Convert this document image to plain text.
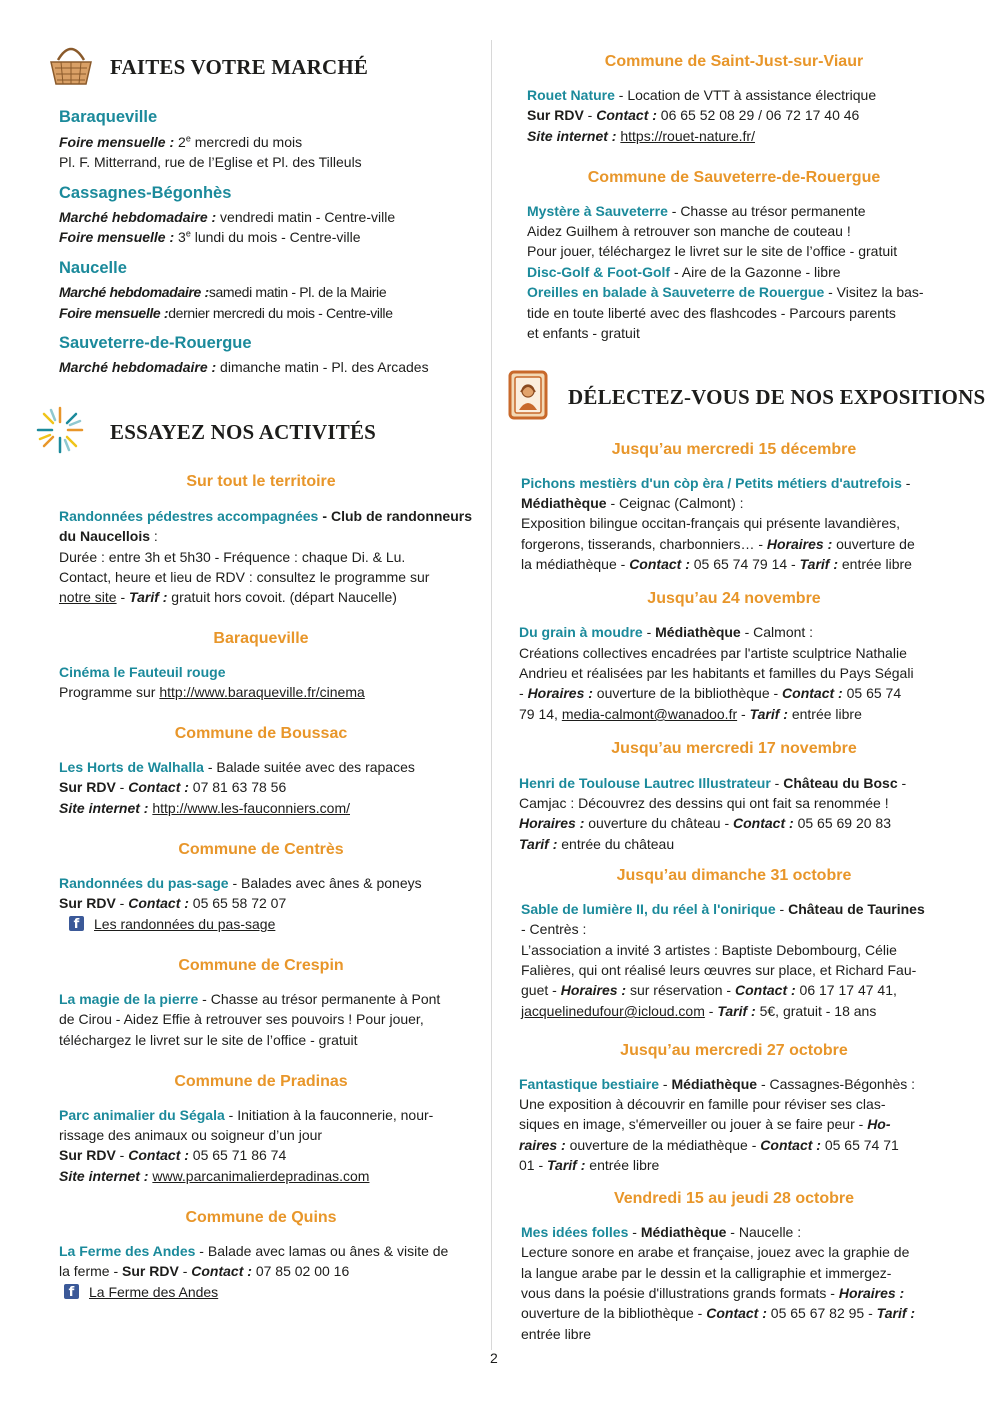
FAITES VOTRE MARCHÉ
Baraqueville
Foire mensuelle : 2e mercredi du mois
Pl. F. Mitterrand, rue de l’Eglise et Pl. des Tilleuls
Cassagnes-Bégonhès
Marché hebdomadaire : vendredi matin - Centre-ville
Foire mensuelle : 3e lundi du mois - Centre-ville
Naucelle
Marché hebdomadaire :samedi matin - Pl. de la Mairie
Foire mensuelle :dernier mercredi du mois - Centre-ville
Sauveterre-de-Rouergue
Marché hebdomadaire : dimanche matin - Pl. des Arcades
ESSAYEZ NOS ACTIVITÉS
Sur tout le territoire
Randonnées pédestres accompagnées - Club de randonneurs du Naucellois :
Durée : entre 3h et 5h30 - Fréquence : chaque Di. & Lu.
Contact, heure et lieu de RDV : consultez le programme sur
notre site - Tarif : gratuit hors covoit. (départ Naucelle)
Baraqueville
Cinéma le Fauteuil rouge
Programme sur http://www.baraqueville.fr/cinema
Commune de Boussac
Les Horts de Walhalla - Balade suitée avec des rapaces
Sur RDV - Contact : 07 81 63 78 56
Site internet : http://www.les-fauconniers.com/
Commune de Centrès
Randonnées du pas-sage - Balades avec ânes & poneys
Sur RDV - Contact : 05 65 58 72 07
f Les randonnées du pas-sage
Commune de Crespin
La magie de la pierre - Chasse au trésor permanente à Pont
de Cirou - Aidez Effie à retrouver ses pouvoirs ! Pour jouer,
téléchargez le livret sur le site de l’office - gratuit
Commune de Pradinas
Parc animalier du Ségala - Initiation à la fauconnerie, nour-
rissage des animaux ou soigneur d’un jour
Sur RDV - Contact : 05 65 71 86 74
Site internet : www.parcanimalierdepradinas.com
Commune de Quins
La Ferme des Andes - Balade avec lamas ou ânes & visite de
la ferme - Sur RDV - Contact : 07 85 02 00 16
f La Ferme des Andes
Commune de Saint-Just-sur-Viaur
Rouet Nature - Location de VTT à assistance électrique
Sur RDV - Contact : 06 65 52 08 29 / 06 72 17 40 46
Site internet : https://rouet-nature.fr/
Commune de Sauveterre-de-Rouergue
Mystère à Sauveterre - Chasse au trésor permanente
Aidez Guilhem à retrouver son manche de couteau !
Pour jouer, téléchargez le livret sur le site de l’office - gratuit
Disc-Golf & Foot-Golf - Aire de la Gazonne - libre
Oreilles en balade à Sauveterre de Rouergue - Visitez la bas-
tide en toute liberté avec des flashcodes - Parcours parents
et enfants - gratuit
DÉLECTEZ-VOUS DE NOS EXPOSITIONS
Jusqu’au mercredi 15 décembre
Pichons mestièrs d'un còp èra / Petits métiers d'autrefois -
Médiathèque - Ceignac (Calmont) :
Exposition bilingue occitan-français qui présente lavandières,
forgerons, tisserands, charbonniers… - Horaires : ouverture de
la médiathèque - Contact : 05 65 74 79 14 - Tarif : entrée libre
Jusqu’au 24 novembre
Du grain à moudre - Médiathèque - Calmont :
Créations collectives encadrées par l'artiste sculptrice Nathalie
Andrieu et réalisées par les habitants et familles du Pays Ségali
- Horaires : ouverture de la bibliothèque - Contact : 05 65 74
79 14, media-calmont@wanadoo.fr - Tarif : entrée libre
Jusqu’au mercredi 17 novembre
Henri de Toulouse Lautrec Illustrateur - Château du Bosc -
Camjac : Découvrez des dessins qui ont fait sa renommée !
Horaires : ouverture du château - Contact : 05 65 69 20 83
Tarif : entrée du château
Jusqu’au dimanche 31 octobre
Sable de lumière II, du réel à l'onirique - Château de Taurines
- Centrès :
L’association a invité 3 artistes : Baptiste Debombourg, Célie
Falières, qui ont réalisé leurs œuvres sur place, et Richard Fau-
guet - Horaires : sur réservation - Contact : 06 17 17 47 41,
jacquelinedufour@icloud.com - Tarif : 5€, gratuit - 18 ans
Jusqu’au mercredi 27 octobre
Fantastique bestiaire - Médiathèque - Cassagnes-Bégonhès :
Une exposition à découvrir en famille pour réviser ses clas-
siques en image, s'émerveiller ou jouer à se faire peur - Ho-
raires : ouverture de la médiathèque - Contact : 05 65 74 71
01 - Tarif : entrée libre
Vendredi 15 au jeudi 28 octobre
Mes idées folles - Médiathèque - Naucelle :
Lecture sonore en arabe et française, jouez avec la graphie de
la langue arabe par le dessin et la calligraphie et immergez-
vous dans la poésie d'illustrations grands formats - Horaires :
ouverture de la bibliothèque - Contact : 05 65 67 82 95 - Tarif :
entrée libre
2
